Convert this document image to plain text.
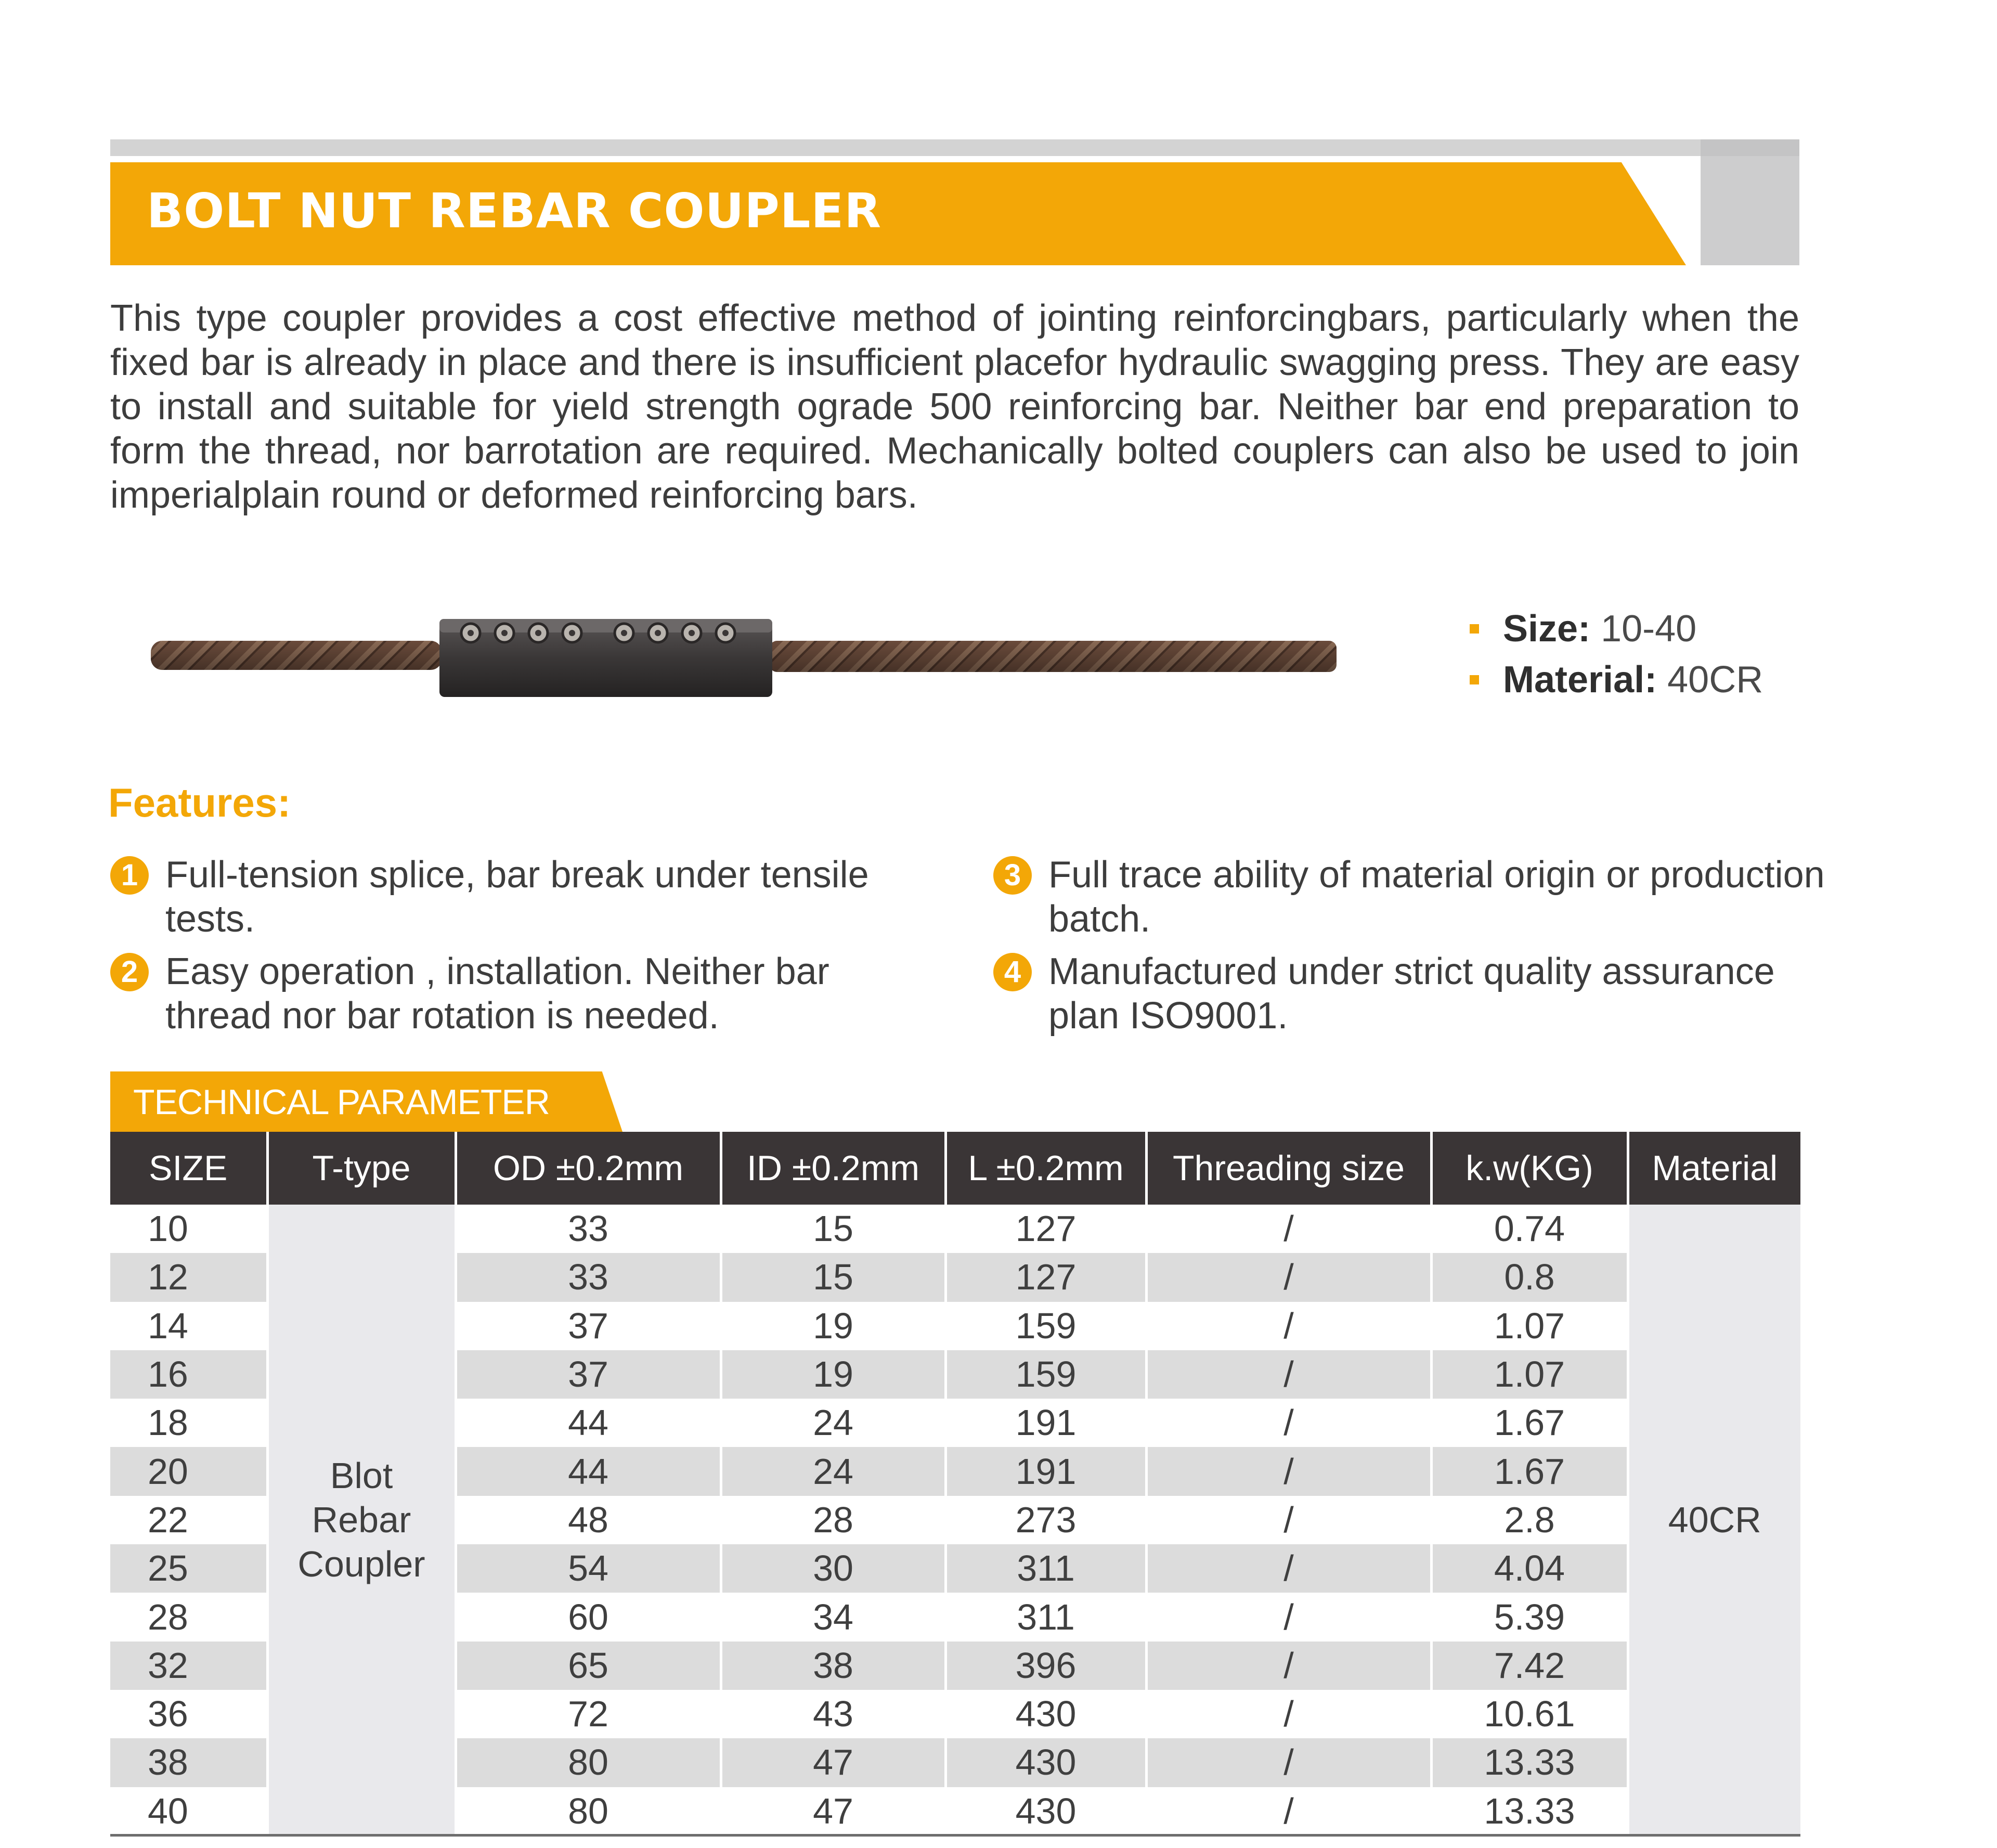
BOLT NUT REBAR COUPLER
This type coupler provides a cost effective method of jointing reinforcingbars, particularly when the fixed bar is already in place and there is insufficient placefor hydraulic swagging press. They are easy to install and suitable for yield strength ograde 500 reinforcing bar. Neither bar end preparation to form the thread, nor barrotation are required. Mechanically bolted couplers can also be used to join imperialplain round or deformed reinforcing bars.
Size: 10-40
Material: 40CR
Features:
1 Full-tension splice, bar break under tensile tests.
2 Easy operation , installation. Neither bar thread nor bar rotation is needed.
3 Full trace ability of material origin or production batch.
4 Manufactured under strict quality assurance plan ISO9001.
TECHNICAL PARAMETER
SIZE	T-type	OD ±0.2mm	ID ±0.2mm	L ±0.2mm	Threading size	k.w(KG)	Material
10	Blot
Rebar
Coupler	33	15	127	/	0.74	40CR
12		33	15	127	/	0.8	
14		37	19	159	/	1.07	
16		37	19	159	/	1.07	
18		44	24	191	/	1.67	
20		44	24	191	/	1.67	
22		48	28	273	/	2.8	
25		54	30	311	/	4.04	
28		60	34	311	/	5.39	
32		65	38	396	/	7.42	
36		72	43	430	/	10.61	
38		80	47	430	/	13.33	
40		80	47	430	/	13.33	
